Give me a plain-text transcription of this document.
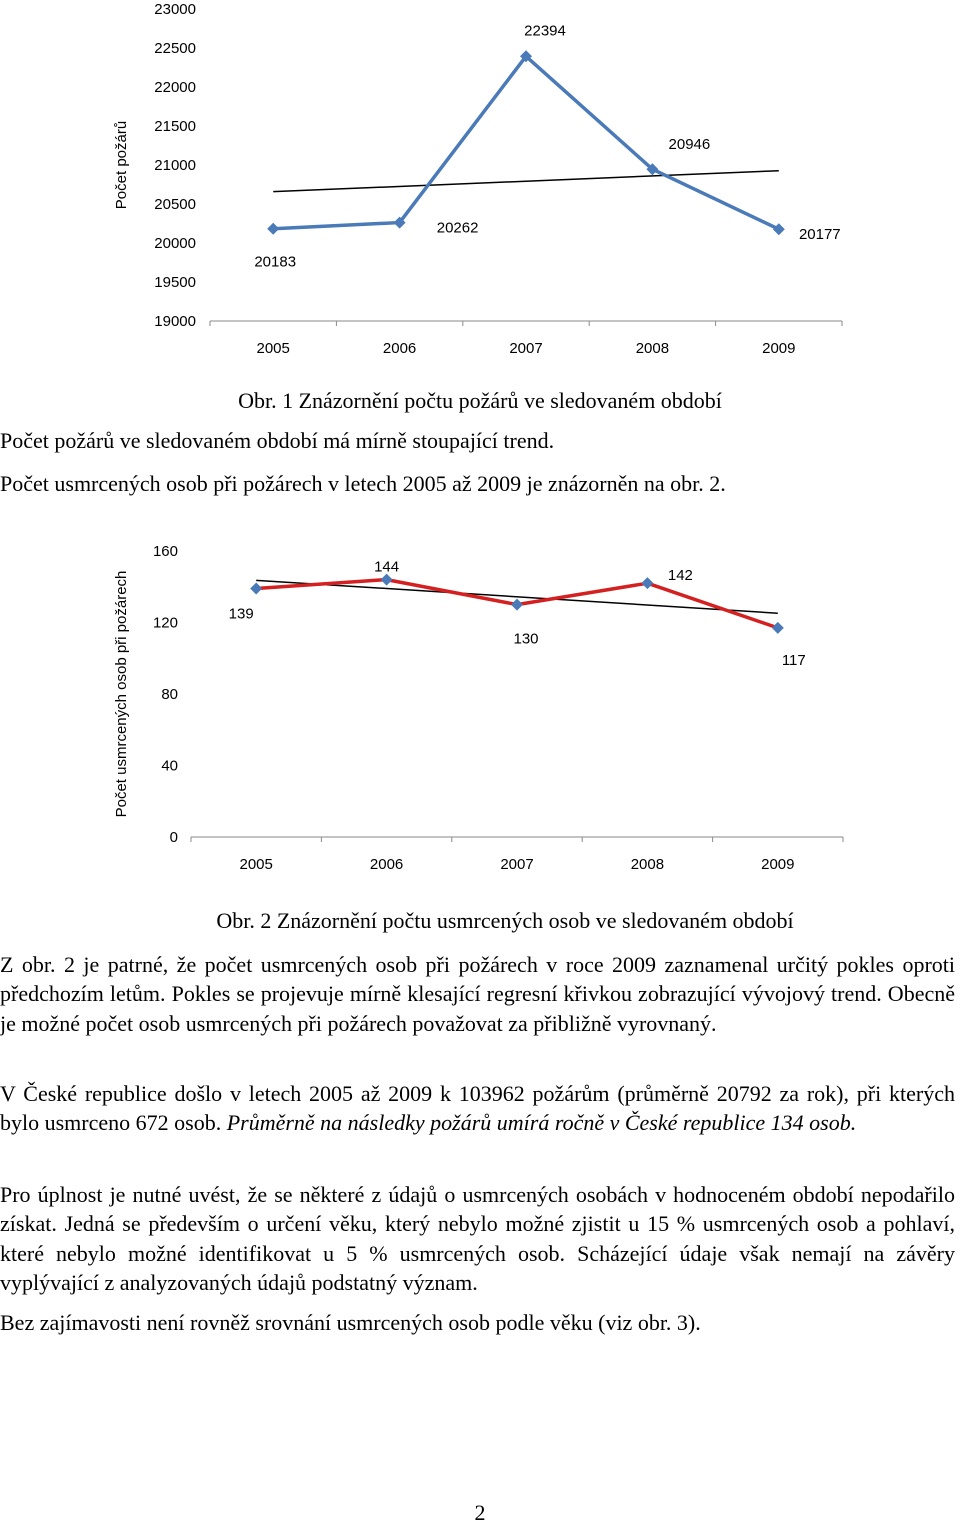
2005	2006	2007	2008	2009
19000
19500
20000
20500
21000
21500
22000
22500
23000
Počet požárů
20183
20262
22394
20946
20177
Obr. 1 Znázornění počtu požárů ve sledovaném období
Počet požárů ve sledovaném období má mírně stoupající trend.
Počet usmrcených osob při požárech v letech 2005 až 2009 je znázorněn na obr. 2.
2005	2006	2007	2008	2009
0
40
80
120
160
Počet usmrcených osob při požárech	139
144
130
142
117
Obr. 2 Znázornění počtu usmrcených osob ve sledovaném období
Z obr. 2 je patrné, že počet usmrcených osob při požárech v roce 2009 zaznamenal určitý pokles oproti předchozím letům. Pokles se projevuje mírně klesající regresní křivkou zobrazující vývojový trend. Obecně je možné počet osob usmrcených při požárech považovat za přibližně vyrovnaný.
V České republice došlo v letech 2005 až 2009 k 103962 požárům (průměrně 20792 za rok), při kterých bylo usmrceno 672 osob. Průměrně na následky požárů umírá ročně v České republice 134 osob.
Pro úplnost je nutné uvést, že se některé z údajů o usmrcených osobách v hodnoceném období nepodařilo získat. Jedná se především o určení věku, který nebylo možné zjistit u 15 % usmrcených osob a pohlaví, které nebylo možné identifikovat u 5 % usmrcených osob. Scházející údaje však nemají na závěry vyplývající z analyzovaných údajů podstatný význam.
Bez zajímavosti není rovněž srovnání usmrcených osob podle věku (viz obr. 3).
2
